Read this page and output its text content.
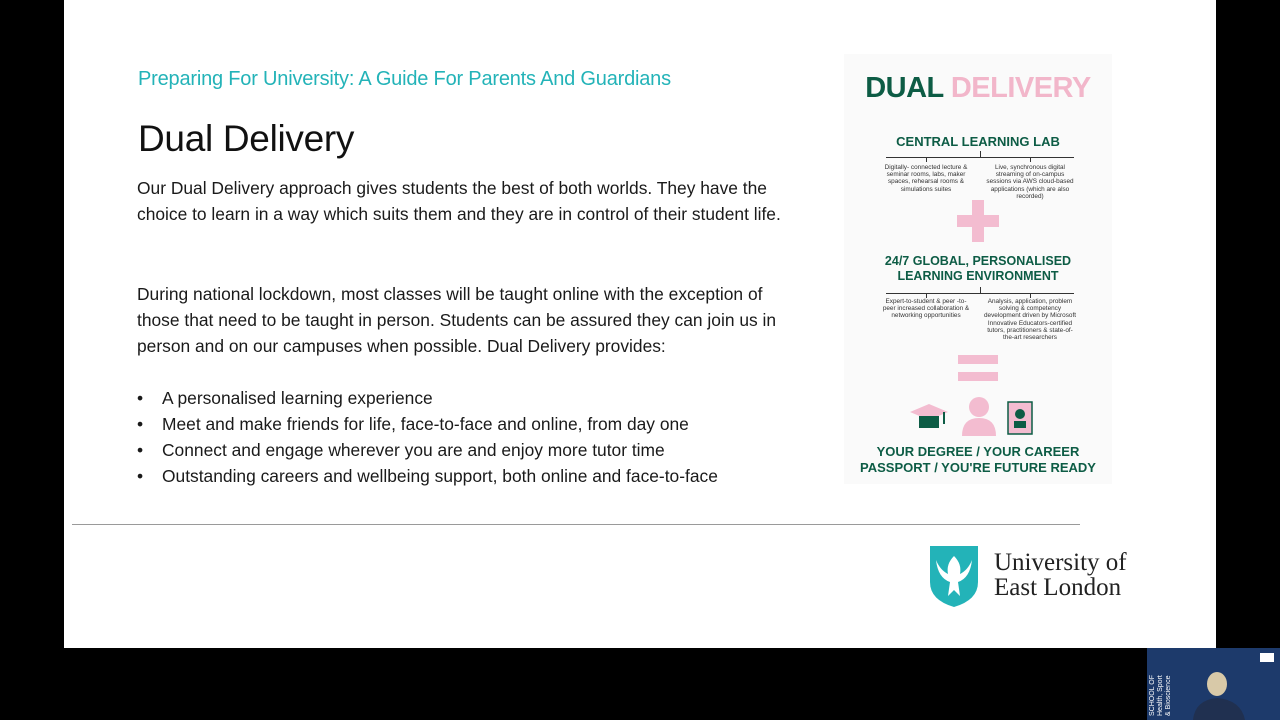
Preparing For University: A Guide For Parents And Guardians
Dual Delivery

Our Dual Delivery approach gives students the best of both worlds. They have the choice to learn in a way which suits them and they are in control of their student life.

During national lockdown, most classes will be taught online with the exception of those that need to be taught in person. Students can be assured they can join us in person and on our campuses when possible. Dual Delivery provides:

• A personalised learning experience
• Meet and make friends for life, face-to-face and online, from day one
• Connect and engage wherever you are and enjoy more tutor time
• Outstanding careers and wellbeing support, both online and face-to-face
DUAL DELIVERY
CENTRAL LEARNING LAB
Digitally- connected lecture & seminar rooms, labs, maker spaces, rehearsal rooms & simulations suites
Live, synchronous digital streaming of on-campus sessions via AWS cloud-based applications (which are also recorded)
24/7 GLOBAL, PERSONALISED
LEARNING ENVIRONMENT
Expert-to-student & peer -to-peer increased collaboration & networking opportunities
Analysis, application, problem solving & competency development driven by Microsoft Innovative Educators-certified tutors, practitioners & state-of-the-art researchers
YOUR DEGREE / YOUR CAREER
PASSPORT / YOU'RE FUTURE READY
University of
East London
SCHOOL OF Health, Sport & Bioscience
